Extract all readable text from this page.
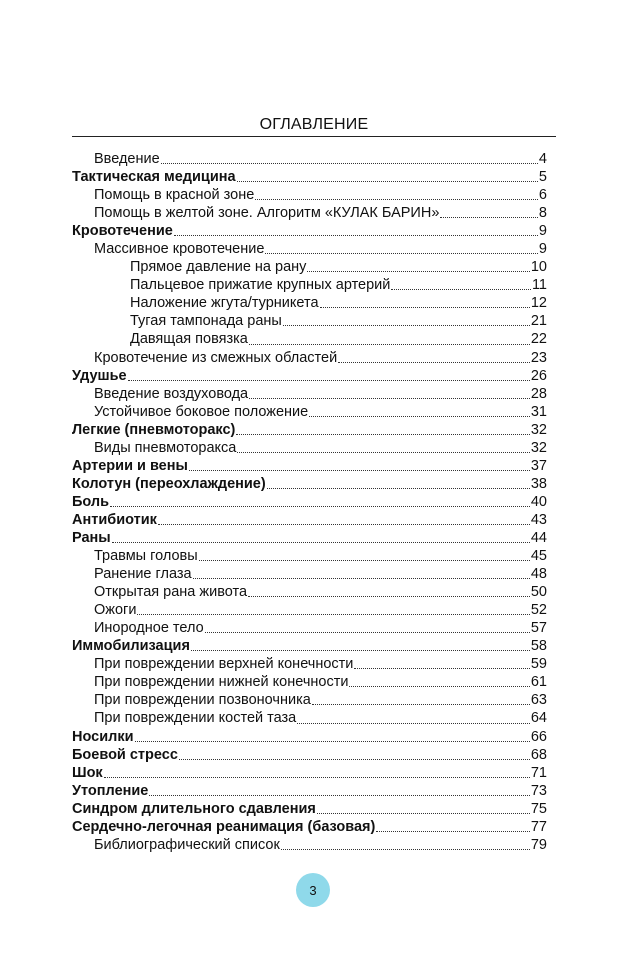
ОГЛАВЛЕНИЕ
Введение	4
Тактическая медицина	5
Помощь в красной зоне	6
Помощь в желтой зоне. Алгоритм «КУЛАК БАРИН»	8
Кровотечение	9
Массивное кровотечение	9
Прямое давление на рану	10
Пальцевое прижатие крупных артерий	11
Наложение жгута/турникета	12
Тугая тампонада раны	21
Давящая повязка	22
Кровотечение из смежных областей	23
Удушье	26
Введение воздуховода	28
Устойчивое боковое положение	31
Легкие (пневмоторакс)	32
Виды пневмоторакса	32
Артерии и вены	37
Колотун (переохлаждение)	38
Боль	40
Антибиотик	43
Раны	44
Травмы головы	45
Ранение глаза	48
Открытая рана живота	50
Ожоги	52
Инородное тело	57
Иммобилизация	58
При повреждении верхней конечности	59
При повреждении нижней конечности	61
При повреждении позвоночника	63
При повреждении костей таза	64
Носилки	66
Боевой стресс	68
Шок	71
Утопление	73
Синдром длительного сдавления	75
Сердечно-легочная реанимация (базовая)	77
Библиографический список	79
3
